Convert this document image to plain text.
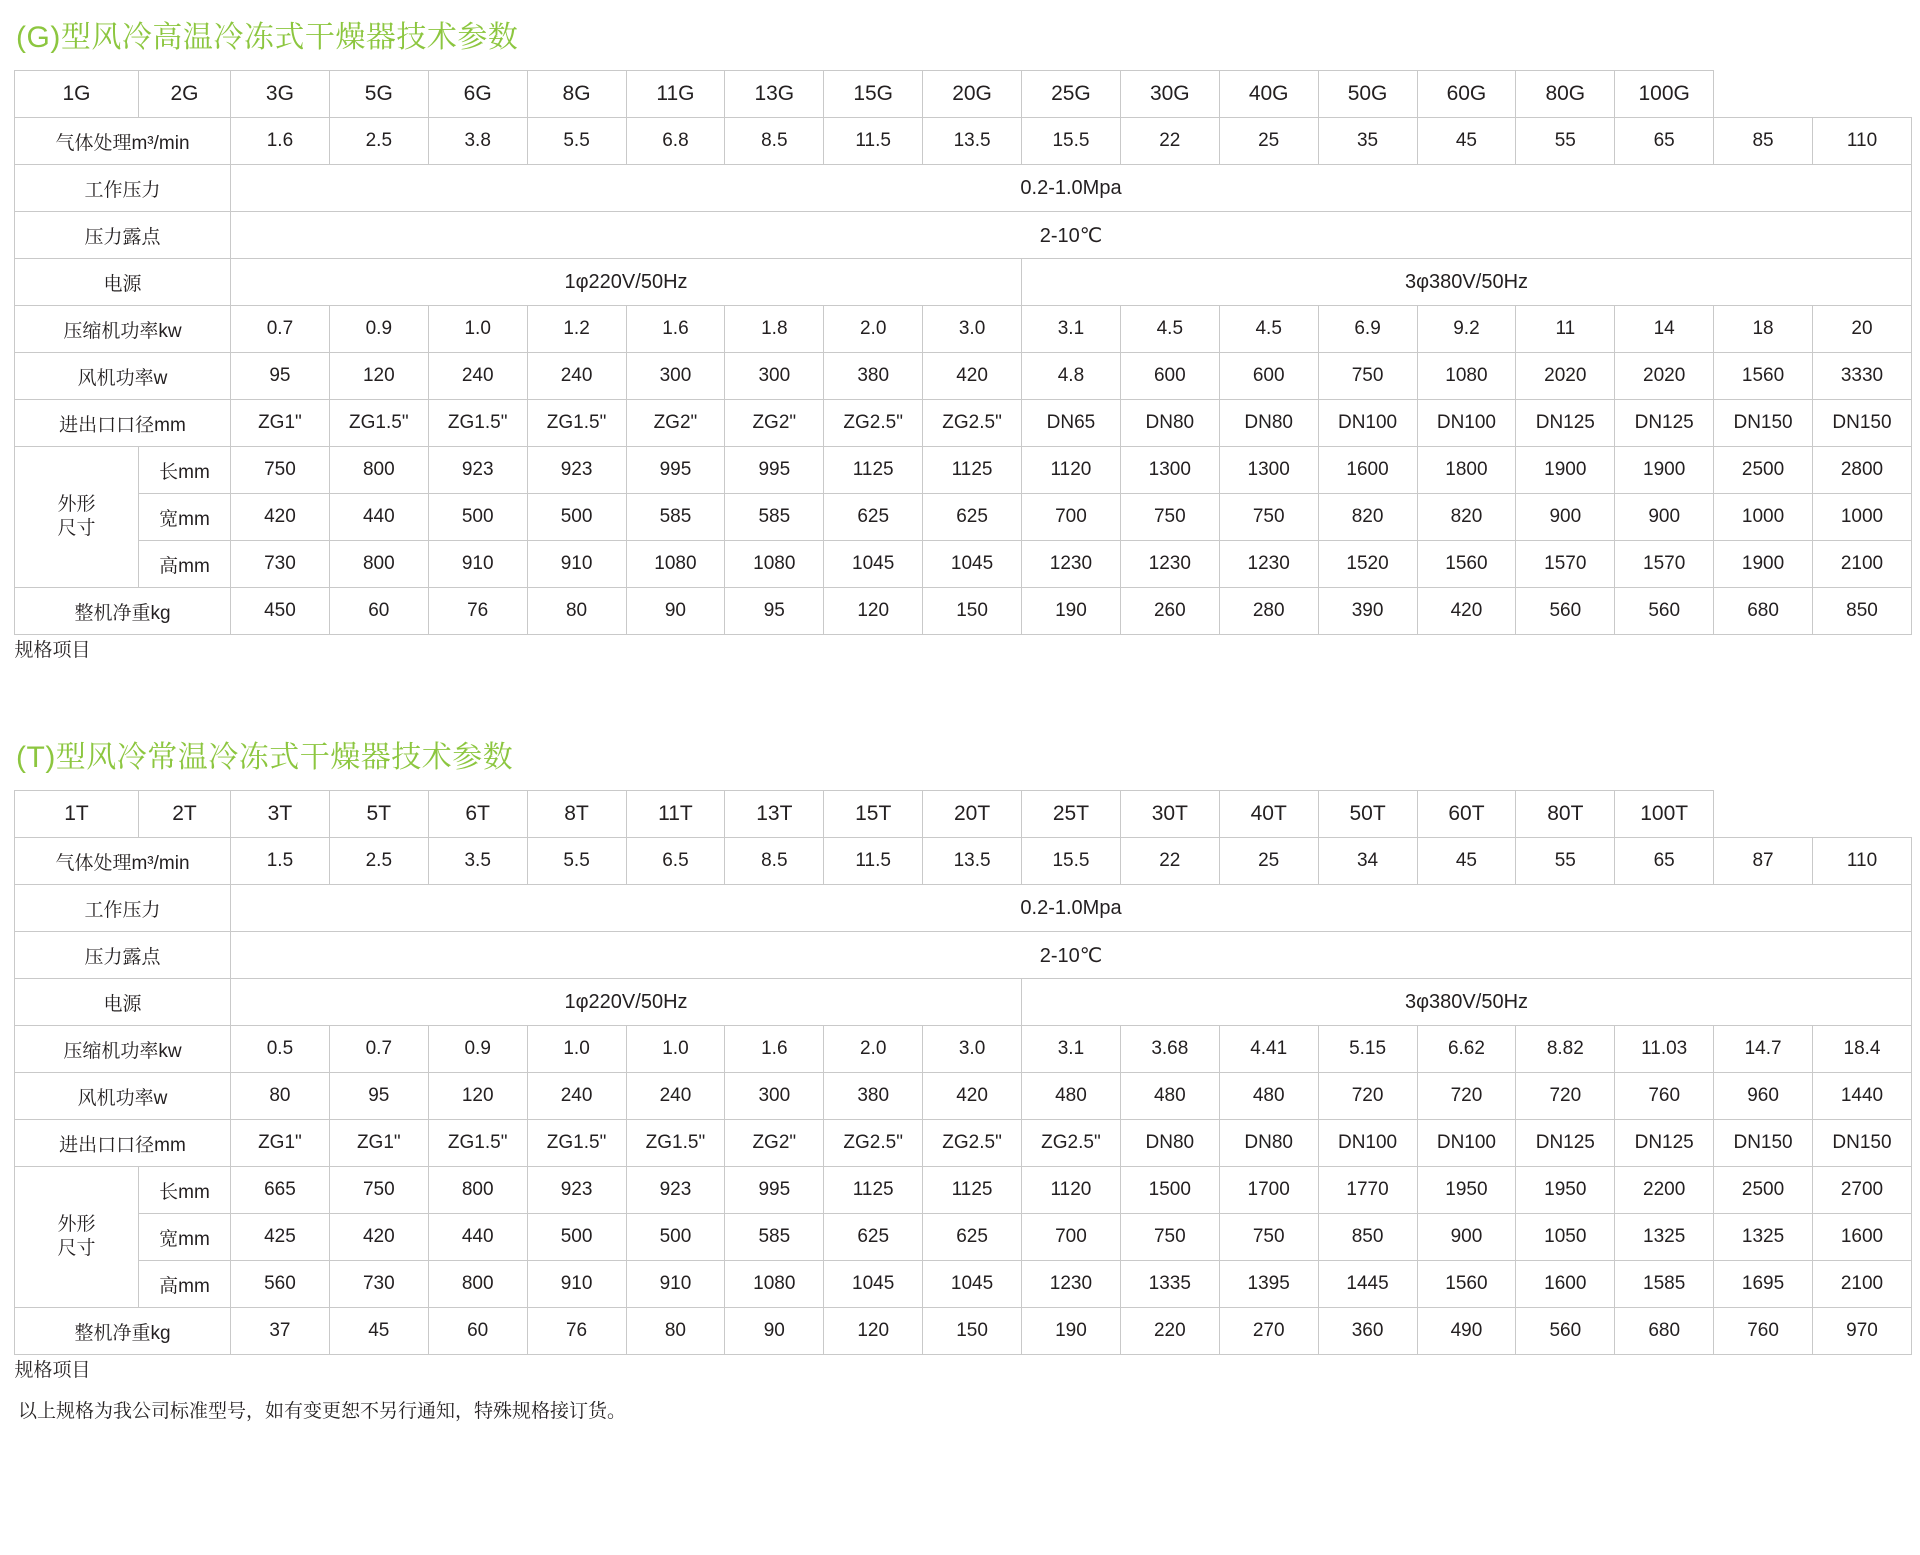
(G)型风冷高温冷冻式干燥器技术参数
1G	2G	3G	5G	6G	8G	11G	13G	15G	20G	25G	30G	40G	50G	60G	80G	100G		
气体处理m³/min		1.6	2.5	3.8	5.5	6.8	8.5	11.5	13.5	15.5	22	25	35	45	55	65	85	110
工作压力		0.2-1.0Mpa																
压力露点		2-10℃																
电源		1φ220V/50Hz								3φ380V/50Hz								
压缩机功率kw		0.7	0.9	1.0	1.2	1.6	1.8	2.0	3.0	3.1	4.5	4.5	6.9	9.2	11	14	18	20
风机功率w		95	120	240	240	300	300	380	420	4.8	600	600	750	1080	2020	2020	1560	3330
进出口口径mm		ZG1"	ZG1.5"	ZG1.5"	ZG1.5"	ZG2"	ZG2"	ZG2.5"	ZG2.5"	DN65	DN80	DN80	DN100	DN100	DN125	DN125	DN150	DN150
外形
尺寸	长mm	750	800	923	923	995	995	1125	1125	1120	1300	1300	1600	1800	1900	1900	2500	2800
	宽mm	420	440	500	500	585	585	625	625	700	750	750	820	820	900	900	1000	1000
	高mm	730	800	910	910	1080	1080	1045	1045	1230	1230	1230	1520	1560	1570	1570	1900	2100
整机净重kg		450	60	76	80	90	95	120	150	190	260	280	390	420	560	560	680	850
规格项目
(T)型风冷常温冷冻式干燥器技术参数
1T	2T	3T	5T	6T	8T	11T	13T	15T	20T	25T	30T	40T	50T	60T	80T	100T		
气体处理m³/min		1.5	2.5	3.5	5.5	6.5	8.5	11.5	13.5	15.5	22	25	34	45	55	65	87	110
工作压力		0.2-1.0Mpa																
压力露点		2-10℃																
电源		1φ220V/50Hz								3φ380V/50Hz								
压缩机功率kw		0.5	0.7	0.9	1.0	1.0	1.6	2.0	3.0	3.1	3.68	4.41	5.15	6.62	8.82	11.03	14.7	18.4
风机功率w		80	95	120	240	240	300	380	420	480	480	480	720	720	720	760	960	1440
进出口口径mm		ZG1"	ZG1"	ZG1.5"	ZG1.5"	ZG1.5"	ZG2"	ZG2.5"	ZG2.5"	ZG2.5"	DN80	DN80	DN100	DN100	DN125	DN125	DN150	DN150
外形
尺寸	长mm	665	750	800	923	923	995	1125	1125	1120	1500	1700	1770	1950	1950	2200	2500	2700
	宽mm	425	420	440	500	500	585	625	625	700	750	750	850	900	1050	1325	1325	1600
	高mm	560	730	800	910	910	1080	1045	1045	1230	1335	1395	1445	1560	1600	1585	1695	2100
整机净重kg		37	45	60	76	80	90	120	150	190	220	270	360	490	560	680	760	970
规格项目

以上规格为我公司标准型号，如有变更恕不另行通知，特殊规格接订货。
